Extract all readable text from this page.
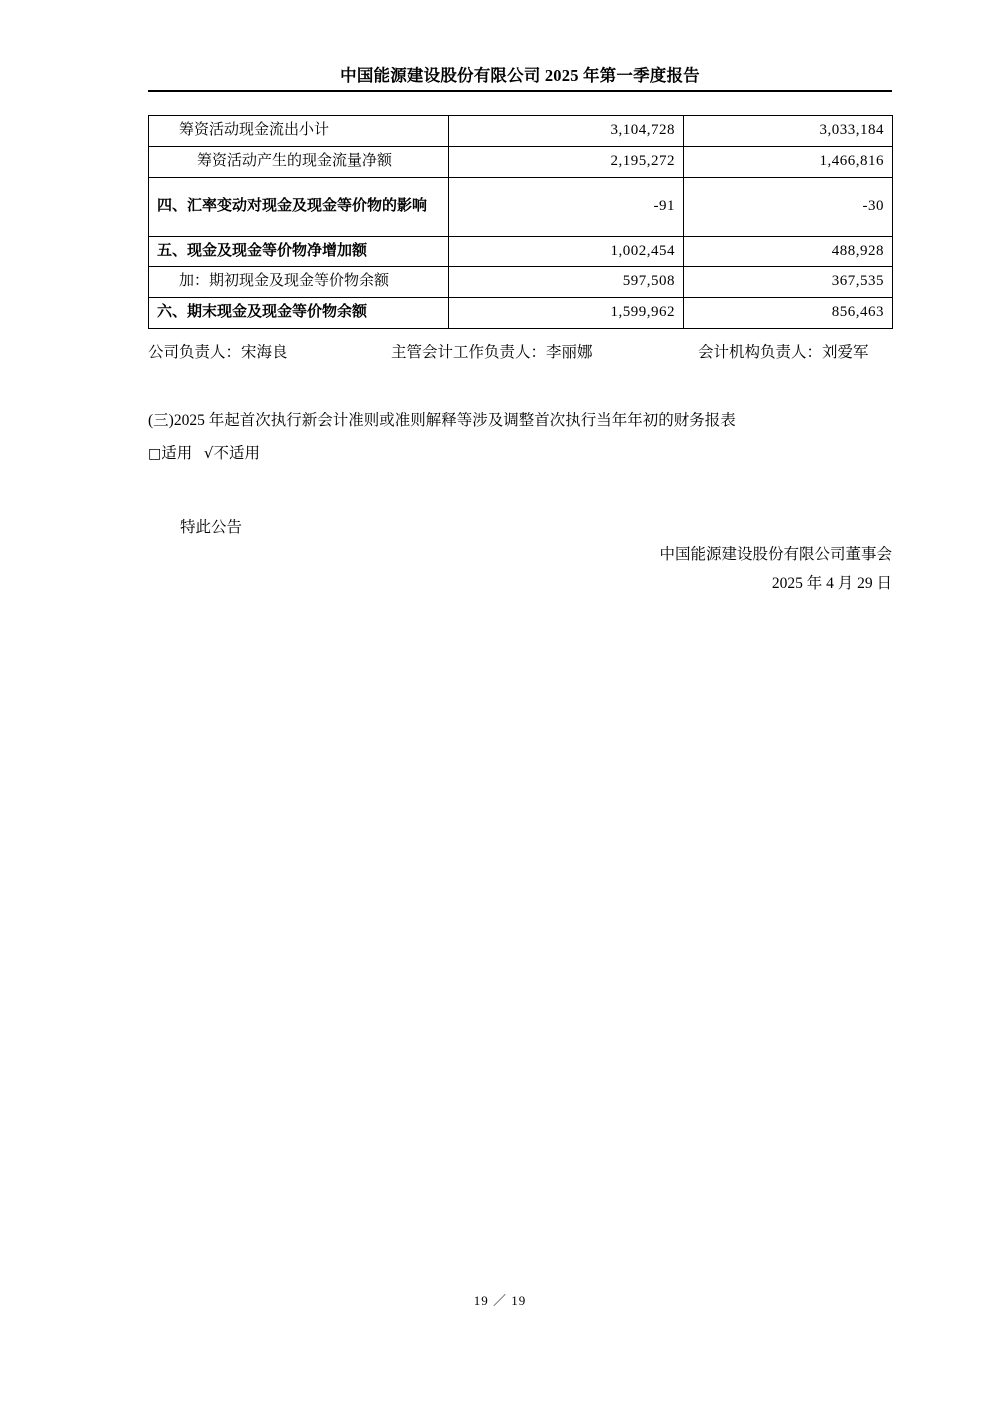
中国能源建设股份有限公司 2025 年第一季度报告
筹资活动现金流出小计	3,104,728	3,033,184
筹资活动产生的现金流量净额	2,195,272	1,466,816
四、汇率变动对现金及现金等价物的影响	-91	-30
五、现金及现金等价物净增加额	1,002,454	488,928
加：期初现金及现金等价物余额	597,508	367,535
六、期末现金及现金等价物余额	1,599,962	856,463
公司负责人：宋海良	主管会计工作负责人：李丽娜	会计机构负责人：刘爱军
(三)2025 年起首次执行新会计准则或准则解释等涉及调整首次执行当年年初的财务报表
□适用 √不适用
特此公告
中国能源建设股份有限公司董事会
2025 年 4 月 29 日
19 ／ 19
